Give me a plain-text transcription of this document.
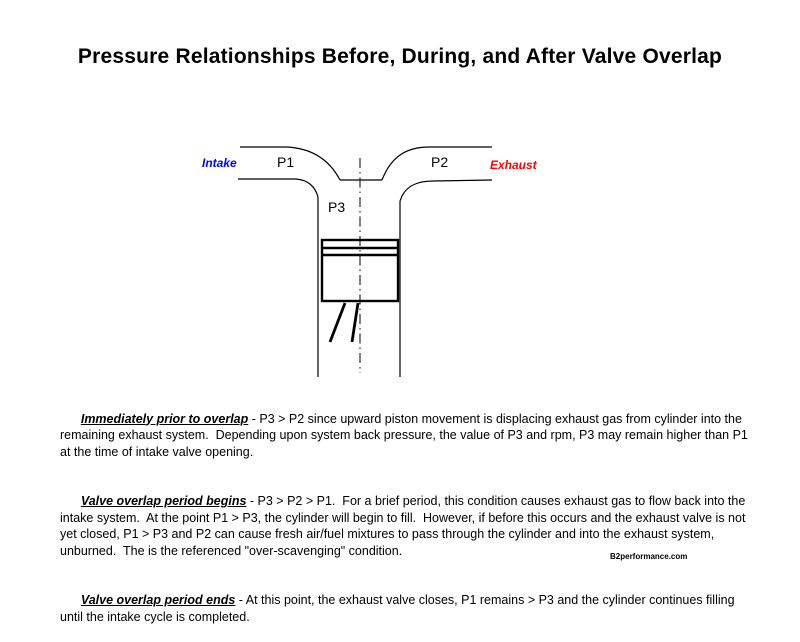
Pressure Relationships Before, During, and After Valve Overlap
Intake	P1	P2	Exhaust
P3

Immediately prior to overlap - P3 > P2 since upward piston movement is displacing exhaust gas from cylinder into the remaining exhaust system.  Depending upon system back pressure, the value of P3 and rpm, P3 may remain higher than P1 at the time of intake valve opening.

Valve overlap period begins - P3 > P2 > P1.  For a brief period, this condition causes exhaust gas to flow back into the intake system.  At the point P1 > P3, the cylinder will begin to fill.  However, if before this occurs and the exhaust valve is not yet closed, P1 > P3 and P2 can cause fresh air/fuel mixtures to pass through the cylinder and into the exhaust system, unburned.  The is the referenced "over-scavenging" condition.

Valve overlap period ends - At this point, the exhaust valve closes, P1 remains > P3 and the cylinder continues filling until the intake cycle is completed.

B2performance.com
